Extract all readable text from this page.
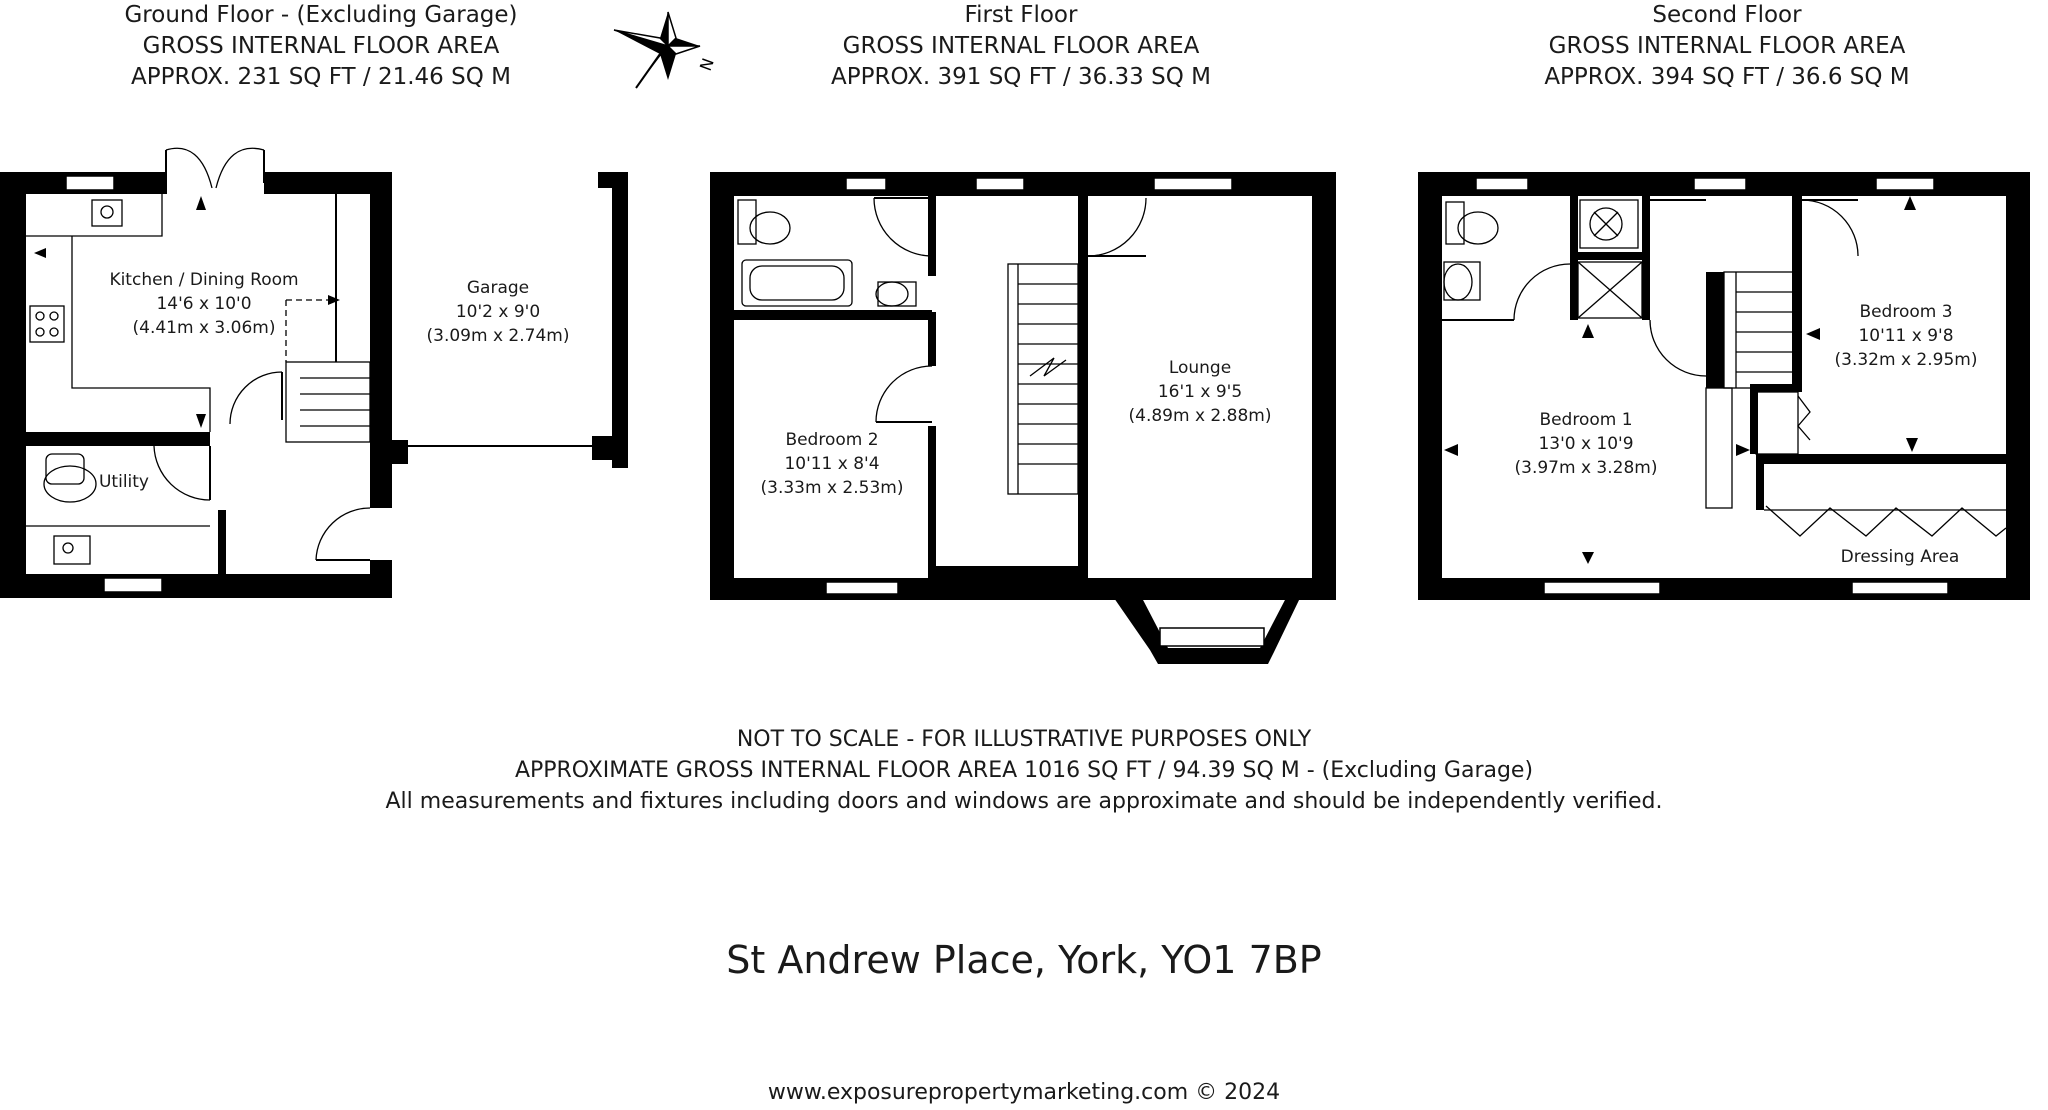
Ground Floor - (Excluding Garage)
GROSS INTERNAL FLOOR AREA
APPROX. 231 SQ FT / 21.46 SQ M
First Floor
GROSS INTERNAL FLOOR AREA
APPROX. 391 SQ FT / 36.33 SQ M
Second Floor
GROSS INTERNAL FLOOR AREA
APPROX. 394 SQ FT / 36.6 SQ M
N
Kitchen / Dining Room
14'6 x 10'0
(4.41m x 3.06m)
Utility
Garage
10'2 x 9'0
(3.09m x 2.74m)
Bedroom 2
10'11 x 8'4
(3.33m x 2.53m)
Lounge
16'1 x 9'5
(4.89m x 2.88m)	Bedroom 1
13'0 x 10'9
(3.97m x 3.28m)
Bedroom 3
10'11 x 9'8
(3.32m x 2.95m)
Dressing Area
NOT TO SCALE - FOR ILLUSTRATIVE PURPOSES ONLY
APPROXIMATE GROSS INTERNAL FLOOR AREA 1016 SQ FT / 94.39 SQ M - (Excluding Garage)
All measurements and fixtures including doors and windows are approximate and should be independently verified.
St Andrew Place, York, YO1 7BP
www.exposurepropertymarketing.com © 2024
